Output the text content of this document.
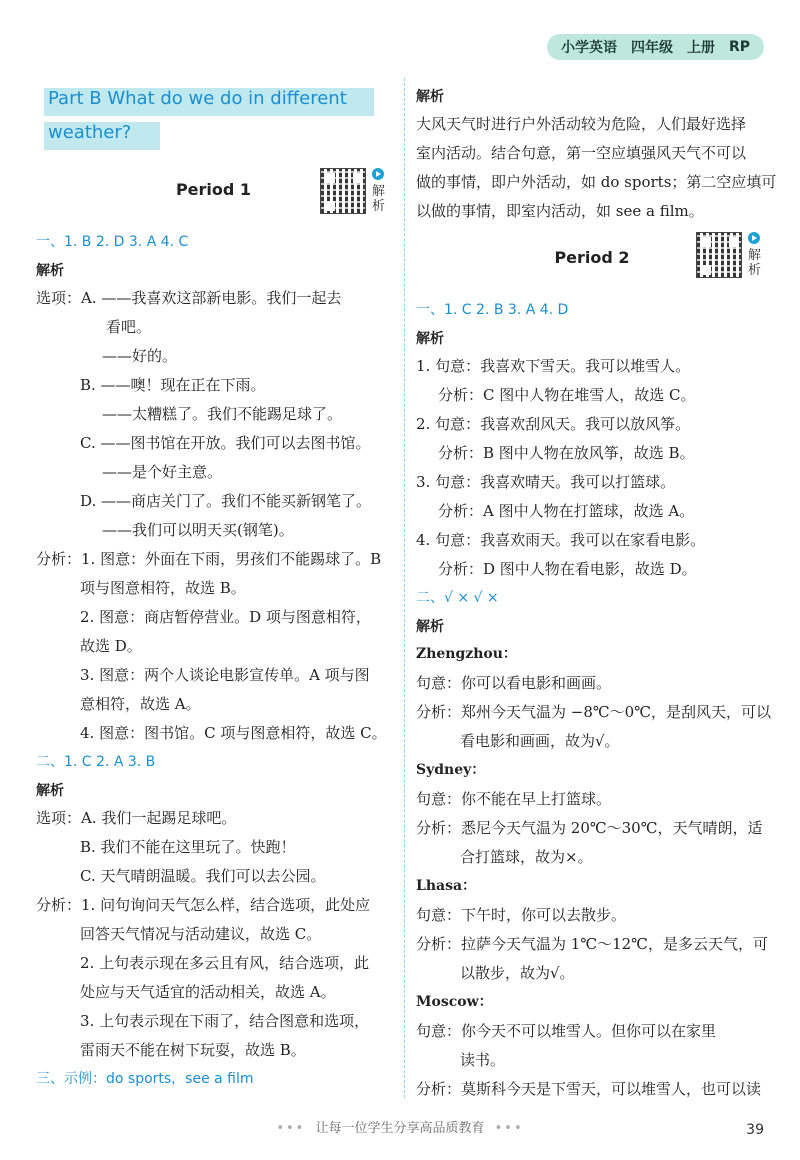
小学英语 四年级 上册 RP
Part B What do we do in different
weather?
Period 1	解
析
一、1. B 2. D 3. A 4. C
解析
选项：A. ——我喜欢这部新电影。我们一起去
看吧。
——好的。
B. ——噢！现在正在下雨。
——太糟糕了。我们不能踢足球了。
C. ——图书馆在开放。我们可以去图书馆。
——是个好主意。
D. ——商店关门了。我们不能买新钢笔了。
——我们可以明天买(钢笔)。
分析：1. 图意：外面在下雨，男孩们不能踢球了。B
项与图意相符，故选 B。
2. 图意：商店暂停营业。D 项与图意相符，
故选 D。
3. 图意：两个人谈论电影宣传单。A 项与图
意相符，故选 A。
4. 图意：图书馆。C 项与图意相符，故选 C。
二、1. C 2. A 3. B
解析
选项：A. 我们一起踢足球吧。
B. 我们不能在这里玩了。快跑！
C. 天气晴朗温暖。我们可以去公园。
分析：1. 问句询问天气怎么样，结合选项，此处应
回答天气情况与活动建议，故选 C。
2. 上句表示现在多云且有风，结合选项，此
处应与天气适宜的活动相关，故选 A。
3. 上句表示现在下雨了，结合图意和选项，
雷雨天不能在树下玩耍，故选 B。
三、示例：do sports，see a film
解析
大风天气时进行户外活动较为危险，人们最好选择
室内活动。结合句意，第一空应填强风天气不可以
做的事情，即户外活动，如 do sports；第二空应填可
以做的事情，即室内活动，如 see a film。
Period 2	解
析
一、1. C 2. B 3. A 4. D
解析
1. 句意：我喜欢下雪天。我可以堆雪人。
分析：C 图中人物在堆雪人，故选 C。
2. 句意：我喜欢刮风天。我可以放风筝。
分析：B 图中人物在放风筝，故选 B。
3. 句意：我喜欢晴天。我可以打篮球。
分析：A 图中人物在打篮球，故选 A。
4. 句意：我喜欢雨天。我可以在家看电影。
分析：D 图中人物在看电影，故选 D。
二、√ × √ ×
解析
Zhengzhou：
句意：你可以看电影和画画。
分析：郑州今天气温为 −8℃～0℃，是刮风天，可以
看电影和画画，故为√。
Sydney：
句意：你不能在早上打篮球。
分析：悉尼今天气温为 20℃～30℃，天气晴朗，适
合打篮球，故为×。
Lhasa：
句意：下午时，你可以去散步。
分析：拉萨今天气温为 1℃～12℃，是多云天气，可
以散步，故为√。
Moscow：
句意：你今天不可以堆雪人。但你可以在家里
读书。
分析：莫斯科今天是下雪天，可以堆雪人，也可以读
••• 让每一位学生分享高品质教育 •••	39
